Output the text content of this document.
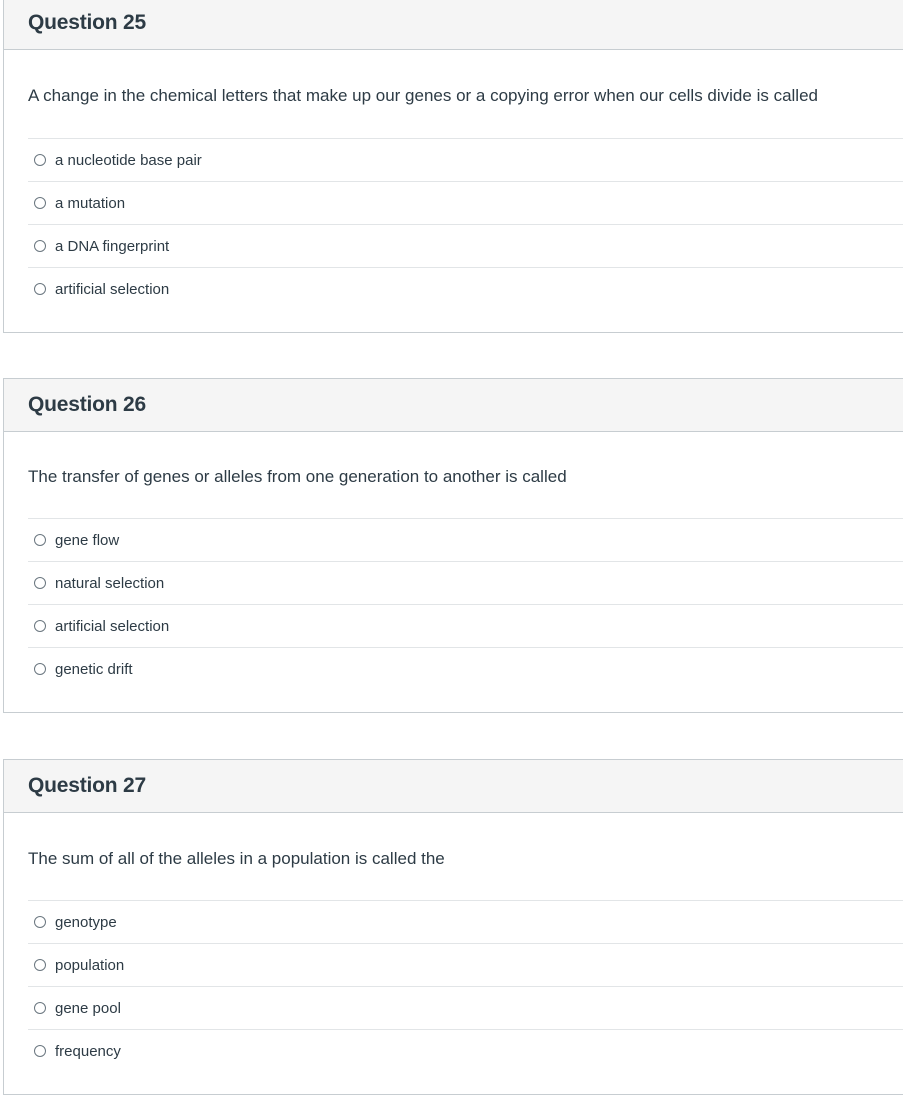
Question 25
A change in the chemical letters that make up our genes or a copying error when our cells divide is called
a nucleotide base pair
a mutation
a DNA fingerprint
artificial selection
Question 26
The transfer of genes or alleles from one generation to another is called
gene flow
natural selection
artificial selection
genetic drift
Question 27
The sum of all of the alleles in a population is called the
genotype
population
gene pool
frequency
